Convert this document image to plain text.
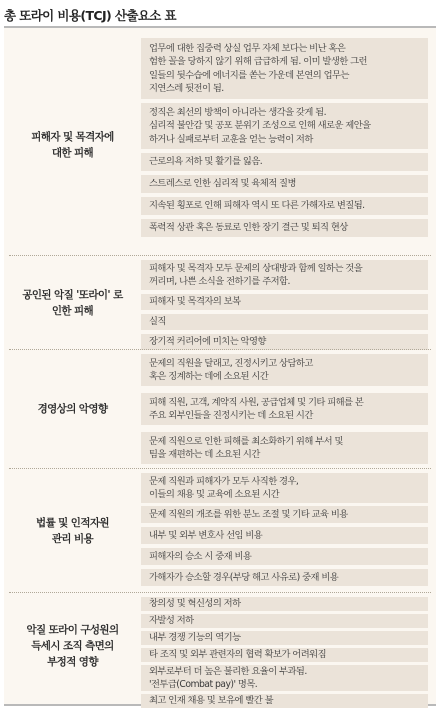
총 또라이 비용(TCJ) 산출요소 표
피해자 및 목격자에
대한 피해
업무에 대한 집중력 상실 업무 자체 보다는 비난 혹은
험한 꼴을 당하지 않기 위해 급급하게 됨. 이미 발생한 그런
일들의 뒷수습에 에너지를 쏟는 가운데 본연의 업무는
지연스레 뒷전이 됨.
정직은 최선의 방책이 아니라는 생각을 갖게 됨.
심리적 불안감 및 공포 분위기 조성으로 인해 새로운 제안을
하거나 실패로부터 교훈을 얻는 능력이 저하
근로의욕 저하 및 활기를 잃음.
스트레스로 인한 심리적 및 육체적 질병
지속된 횡포로 인해 피해자 역시 또 다른 가해자로 변질됨.
폭력적 상관 혹은 동료로 인한 장기 결근 및 퇴직 현상
공인된 악질 '또라이' 로
인한 피해
피해자 및 목격자 모두 문제의 상대방과 함께 일하는 것을
꺼리며, 나쁜 소식을 전하기를 주저함.
피해자 및 목격자의 보복
실직
장기적 커리어에 미치는 악영향
경영상의 악영향
문제의 직원을 달래고, 진정시키고 상담하고
혹은 징계하는 데에 소요된 시간
피해 직원, 고객, 계약직 사원, 공급업체 및 기타 피해를 본
주요 외부인들을 진정시키는 데 소요된 시간
문제 직원으로 인한 피해를 최소화하기 위해 부서 및
팀을 재편하는 데 소요된 시간
법률 및 인적자원
관리 비용
문제 직원과 피해자가 모두 사직한 경우,
이들의 채용 및 교육에 소요된 시간
문제 직원의 개조를 위한 분노 조절 및 기타 교육 비용
내부 및 외부 변호사 선임 비용
피해자의 승소 시 중재 비용
가해자가 승소할 경우(부당 해고 사유로) 중재 비용
악질 또라이 구성원의
득세시 조직 측면의
부정적 영향
창의성 및 혁신성의 저하
자발성 저하
내부 경쟁 기능의 역기능
타 조직 및 외부 관련자의 협력 확보가 어려워짐
외부로부터 더 높은 불리한 요율이 부과됨.
'전투급(Combat pay)' 명목.
최고 인재 채용 및 보유에 빨간 불
